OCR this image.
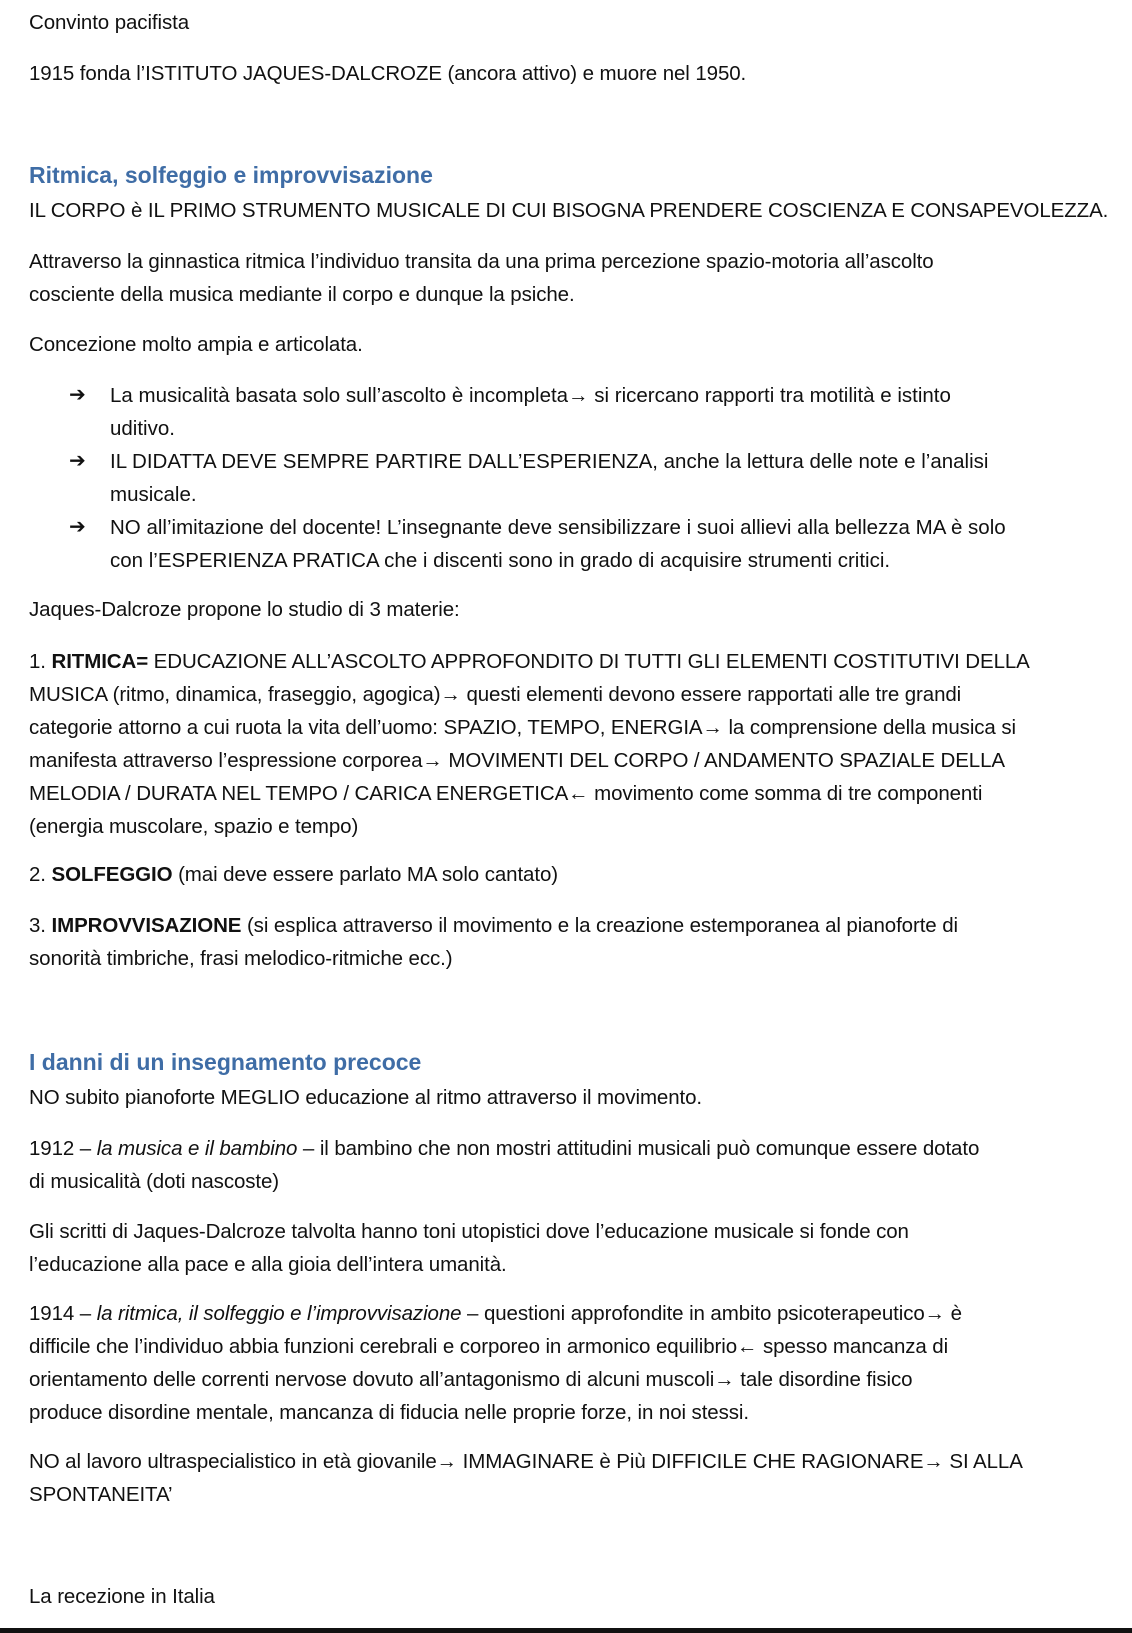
Convinto pacifista

1915 fonda l’ISTITUTO JAQUES-DALCROZE (ancora attivo) e muore nel 1950.

Ritmica, solfeggio e improvvisazione

IL CORPO è IL PRIMO STRUMENTO MUSICALE DI CUI BISOGNA PRENDERE COSCIENZA E CONSAPEVOLEZZA.

Attraverso la ginnastica ritmica l’individuo transita da una prima percezione spazio-motoria all’ascolto
cosciente della musica mediante il corpo e dunque la psiche.

Concezione molto ampia e articolata.

➔ La musicalità basata solo sull’ascolto è incompleta→ si ricercano rapporti tra motilità e istinto
uditivo.
➔ IL DIDATTA DEVE SEMPRE PARTIRE DALL’ESPERIENZA, anche la lettura delle note e l’analisi
musicale.
➔ NO all’imitazione del docente! L’insegnante deve sensibilizzare i suoi allievi alla bellezza MA è solo
con l’ESPERIENZA PRATICA che i discenti sono in grado di acquisire strumenti critici.

Jaques-Dalcroze propone lo studio di 3 materie:

1. RITMICA= EDUCAZIONE ALL’ASCOLTO APPROFONDITO DI TUTTI GLI ELEMENTI COSTITUTIVI DELLA
MUSICA (ritmo, dinamica, fraseggio, agogica)→ questi elementi devono essere rapportati alle tre grandi
categorie attorno a cui ruota la vita dell’uomo: SPAZIO, TEMPO, ENERGIA→ la comprensione della musica si
manifesta attraverso l’espressione corporea→ MOVIMENTI DEL CORPO / ANDAMENTO SPAZIALE DELLA
MELODIA / DURATA NEL TEMPO / CARICA ENERGETICA← movimento come somma di tre componenti
(energia muscolare, spazio e tempo)
2. SOLFEGGIO (mai deve essere parlato MA solo cantato)
3. IMPROVVISAZIONE (si esplica attraverso il movimento e la creazione estemporanea al pianoforte di
sonorità timbriche, frasi melodico-ritmiche ecc.)
I danni di un insegnamento precoce

NO subito pianoforte MEGLIO educazione al ritmo attraverso il movimento.

1912 – la musica e il bambino – il bambino che non mostri attitudini musicali può comunque essere dotato
di musicalità (doti nascoste)
Gli scritti di Jaques-Dalcroze talvolta hanno toni utopistici dove l’educazione musicale si fonde con
l’educazione alla pace e alla gioia dell’intera umanità.
1914 – la ritmica, il solfeggio e l’improvvisazione – questioni approfondite in ambito psicoterapeutico→ è
difficile che l’individuo abbia funzioni cerebrali e corporeo in armonico equilibrio← spesso mancanza di
orientamento delle correnti nervose dovuto all’antagonismo di alcuni muscoli→ tale disordine fisico
produce disordine mentale, mancanza di fiducia nelle proprie forze, in noi stessi.
NO al lavoro ultraspecialistico in età giovanile→ IMMAGINARE è Più DIFFICILE CHE RAGIONARE→ SI ALLA
SPONTANEITA’

La recezione in Italia
